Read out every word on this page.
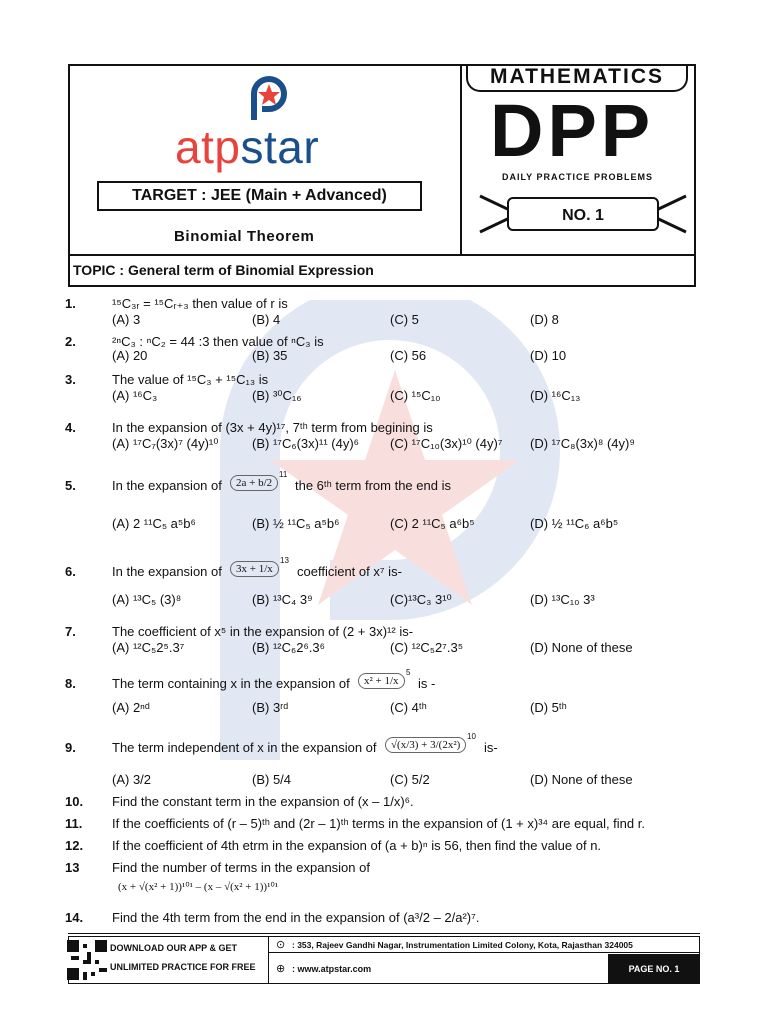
atpstar
TARGET : JEE (Main + Advanced)
Binomial Theorem
MATHEMATICS
DPP
DAILY PRACTICE PROBLEMS
NO. 1
TOPIC : General term of Binomial Expression
1.	¹⁵C₃ᵣ = ¹⁵Cᵣ₊₃ then value of r is
(A) 3	(B) 4	(C) 5	(D) 8
2.	²ⁿC₃ : ⁿC₂ = 44 :3 then value of ⁿC₃ is
(A) 20	(B) 35	(C) 56	(D) 10
3.	The value of ¹⁵C₃ + ¹⁵C₁₃ is
(A) ¹⁶C₃	(B) ³⁰C₁₆	(C) ¹⁵C₁₀	(D) ¹⁶C₁₃
4.	In the expansion of (3x + 4y)¹⁷, 7ᵗʰ term from begining is
(A) ¹⁷C₇(3x)⁷ (4y)¹⁰	(B) ¹⁷C₆(3x)¹¹ (4y)⁶ (C) ¹⁷C₁₀(3x)¹⁰ (4y)⁷ (D) ¹⁷C₈(3x)⁸ (4y)⁹
5.	In the expansion of	2a + b/2
11
the 6ᵗʰ term from the end is
(A) 2 ¹¹C₅ a⁵b⁶	(B) ½ ¹¹C₅ a⁵b⁶	(C) 2 ¹¹C₅ a⁶b⁵	(D) ½ ¹¹C₆ a⁶b⁵
6.	In the expansion of	3x + 1/x
13
coefficient of x⁷ is-
(A) ¹³C₅ (3)⁸	(B) ¹³C₄ 3⁹	(C)¹³C₃ 3¹⁰	(D) ¹³C₁₀ 3³
7.	The coefficient of x⁵ in the expansion of (2 + 3x)¹² is-
(A) ¹²C₅2⁵.3⁷	(B) ¹²C₆2⁶.3⁶	(C) ¹²C₅2⁷.3⁵	(D) None of these
8.	The term containing x in the expansion of	x² + 1/x
5
is -
(A) 2ⁿᵈ	(B) 3ʳᵈ	(C) 4ᵗʰ	(D) 5ᵗʰ
9.	The term independent of x in the expansion of	√(x/3) + 3/(2x²)
10
is-
(A) 3/2	(B) 5/4	(C) 5/2	(D) None of these
10. Find the constant term in the expansion of (x – 1/x)⁶.
11. If the coefficients of (r – 5)ᵗʰ and (2r – 1)ᵗʰ terms in the expansion of (1 + x)³⁴ are equal, find r.
12. If the coefficient of 4th etrm in the expansion of (a + b)ⁿ is 56, then find the value of n.
13	Find the number of terms in the expansion of
(x + √(x² + 1))¹⁰¹ – (x – √(x² + 1))¹⁰¹
14. Find the 4th term from the end in the expansion of (a³/2 – 2/a²)⁷.
DOWNLOAD OUR APP & GET
UNLIMITED PRACTICE FOR FREE
⊙ : 353, Rajeev Gandhi Nagar, Instrumentation Limited Colony, Kota, Rajasthan 324005
⊕ : www.atpstar.com	PAGE NO. 1
